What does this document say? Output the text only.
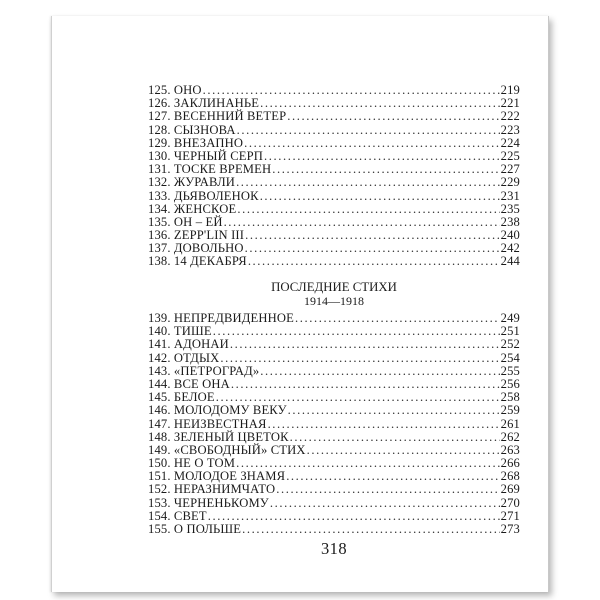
125. ОНО .....	219
126. ЗАКЛИНАНЬЕ .....	221
127. ВЕСЕННИЙ ВЕТЕР .....	222
128. СЫЗНОВА .....	223
129. ВНЕЗАПНО .....	224
130. ЧЕРНЫЙ СЕРП .....	225
131. ТОСКЕ ВРЕМЕН .....	227
132. ЖУРАВЛИ .....	229
133. ДЬЯВОЛЕНОК .....	231
134. ЖЕНСКОЕ .....	235
135. ОН – ЕЙ .....	238
136. ZEPP'LIN III .....	240
137. ДОВОЛЬНО .....	242
138. 14 ДЕКАБРЯ .....	244
ПОСЛЕДНИЕ СТИХИ
1914—1918
139. НЕПРЕДВИДЕННОЕ .....	249
140. ТИШЕ .....	251
141. АДОНАИ .....	252
142. ОТДЫХ .....	254
143. «ПЕТРОГРАД» .....	255
144. ВСЕ ОНА .....	256
145. БЕЛОЕ .....	258
146. МОЛОДОМУ ВЕКУ .....	259
147. НЕИЗВЕСТНАЯ .....	261
148. ЗЕЛЕНЫЙ ЦВЕТОК .....	262
149. «СВОБОДНЫЙ» СТИХ .....	263
150. НЕ О ТОМ .....	266
151. МОЛОДОЕ ЗНАМЯ .....	268
152. НЕРАЗНИМЧАТО .....	269
153. ЧЕРНЕНЬКОМУ .....	270
154. СВЕТ .....	271
155. О ПОЛЬШЕ .....	273
318
